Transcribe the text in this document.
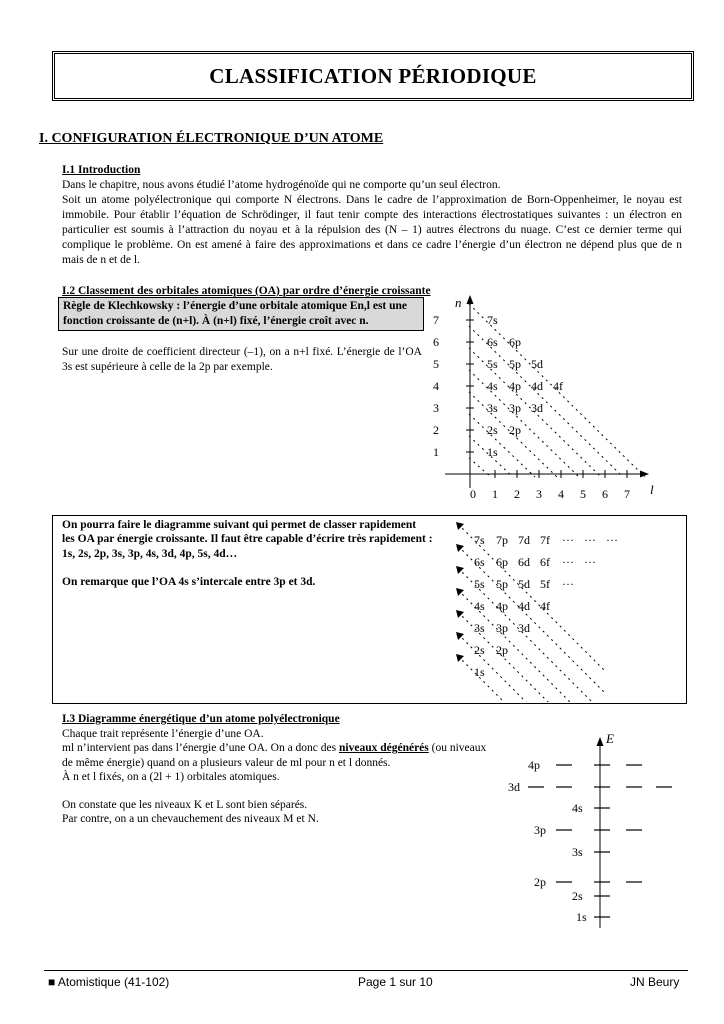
CLASSIFICATION PÉRIODIQUE
I. CONFIGURATION ÉLECTRONIQUE D’UN ATOME
I.1 Introduction
Dans le chapitre, nous avons étudié l’atome hydrogénoïde qui ne comporte qu’un seul électron.
Soit un atome polyélectronique qui comporte N électrons. Dans le cadre de l’approximation de Born-Oppenheimer, le noyau est immobile. Pour établir l’équation de Schrödinger, il faut tenir compte des interactions électrostatiques suivantes : un électron en particulier est soumis à l’attraction du noyau et à la répulsion des (N – 1) autres électrons du nuage. C’est ce dernier terme qui complique le problème. On est amené à faire des approximations et dans ce cadre l’énergie d’un électron ne dépend plus que de n mais de n et de l.
I.2 Classement des orbitales atomiques (OA) par ordre d’énergie croissante
Règle de Klechkowsky : l’énergie d’une orbitale atomique En,l est une fonction croissante de (n+l). À (n+l) fixé, l’énergie croît avec n.
Sur une droite de coefficient directeur (–1), on a n+l fixé. L’énergie de l’OA 3s est supérieure à celle de la 2p par exemple.
n
l
1
2
3
4
5
6
7
0 1 2 3 4 5 6 7
7s
6s 6p
5s 5p 5d
4s 4p 4d 4f
3s 3p 3d
2s 2p
1s
On pourra faire le diagramme suivant qui permet de classer rapidement
les OA par énergie croissante. Il faut être capable d’écrire très rapidement :
1s, 2s, 2p, 3s, 3p, 4s, 3d, 4p, 5s, 4d…
On remarque que l’OA 4s s’intercale entre 3p et 3d.
7s 7p 7d 7f ··· ··· ···
6s 6p 6d 6f ··· ···
5s 5p 5d 5f ···
4s 4p 4d 4f
3s 3p 3d
2s 2p
1s
I.3 Diagramme énergétique d’un atome polyélectronique
Chaque trait représente l’énergie d’une OA.
ml n’intervient pas dans l’énergie d’une OA. On a donc des niveaux dégénérés (ou niveaux de même énergie) quand on a plusieurs valeur de ml pour n et l donnés.
À n et l fixés, on a (2l + 1) orbitales atomiques.
On constate que les niveaux K et L sont bien séparés.
Par contre, on a un chevauchement des niveaux M et N.
E
1s
2s
2p
3s
3p
4s
3d
4p
■ Atomistique (41-102)	Page 1 sur 10	JN Beury
